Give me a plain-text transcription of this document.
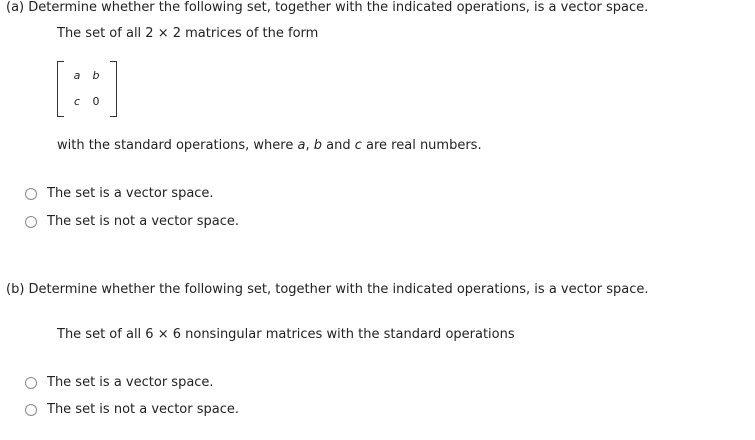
(a) Determine whether the following set, together with the indicated operations, is a vector space.
The set of all 2 × 2 matrices of the form
a b
c 0
with the standard operations, where a, b and c are real numbers.
The set is a vector space.
The set is not a vector space.
(b) Determine whether the following set, together with the indicated operations, is a vector space.
The set of all 6 × 6 nonsingular matrices with the standard operations
The set is a vector space.
The set is not a vector space.
